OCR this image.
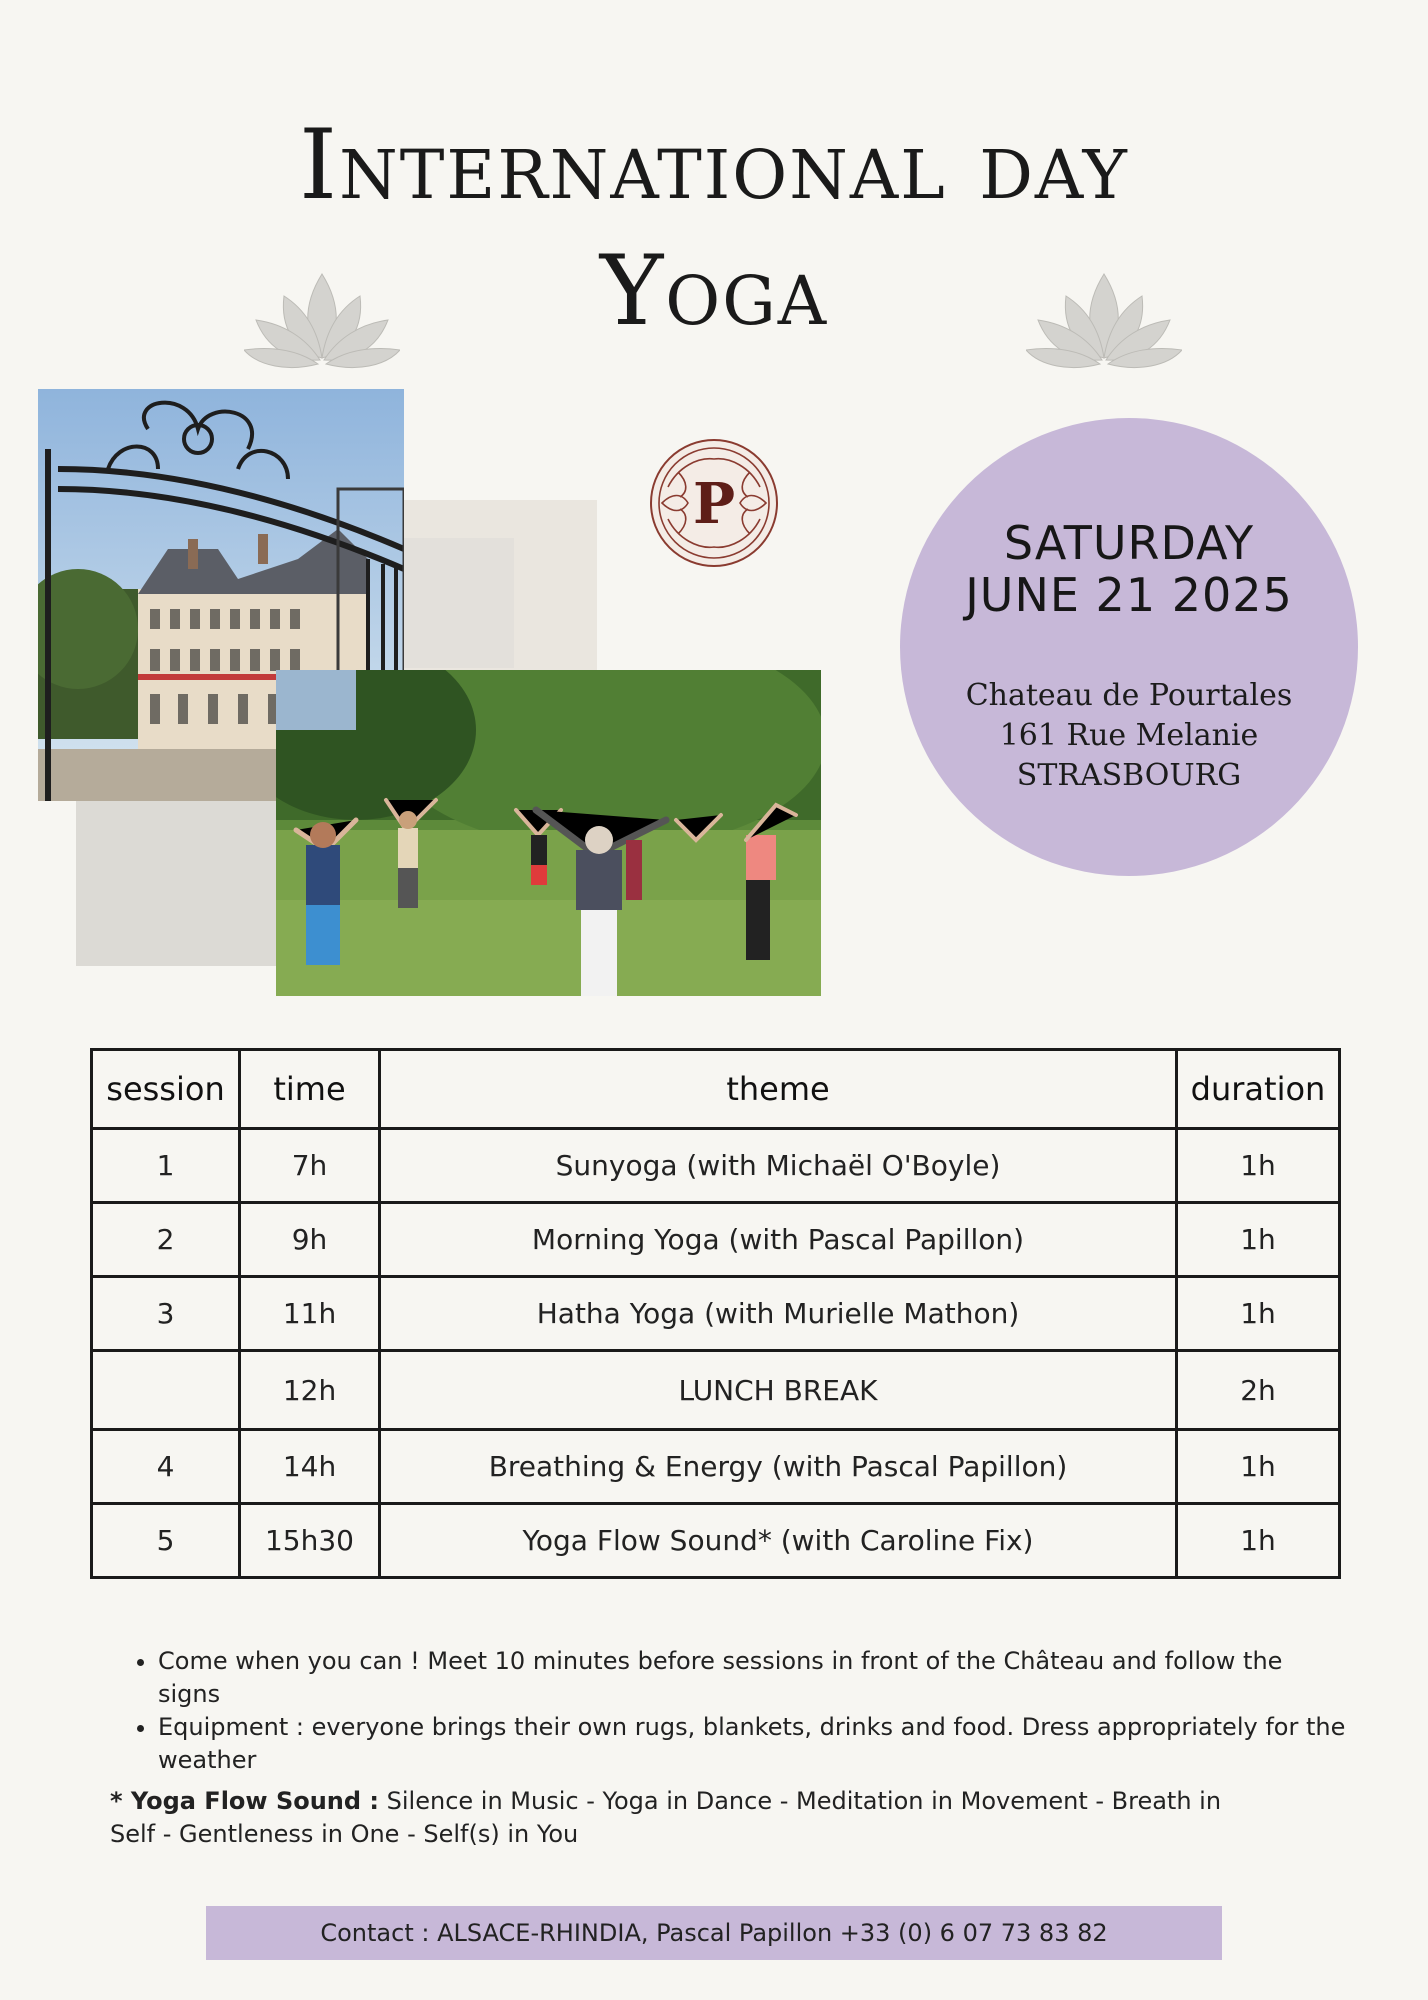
International day
Yoga
P
SATURDAY
JUNE 21 2025
Chateau de Pourtales
161 Rue Melanie
STRASBOURG
session	time	theme	duration
1	7h	Sunyoga (with Michaël O'Boyle)	1h
2	9h	Morning Yoga (with Pascal Papillon)	1h
3	11h	Hatha Yoga (with Murielle Mathon)	1h
	12h	LUNCH BREAK	2h
4	14h	Breathing & Energy (with Pascal Papillon)	1h
5	15h30	Yoga Flow Sound* (with Caroline Fix)	1h
• Come when you can ! Meet 10 minutes before sessions in front of the Château and follow the signs
• Equipment : everyone brings their own rugs, blankets, drinks and food. Dress appropriately for the weather
* Yoga Flow Sound : Silence in Music - Yoga in Dance - Meditation in Movement - Breath in Self - Gentleness in One - Self(s) in You
Contact : ALSACE-RHINDIA, Pascal Papillon +33 (0) 6 07 73 83 82
